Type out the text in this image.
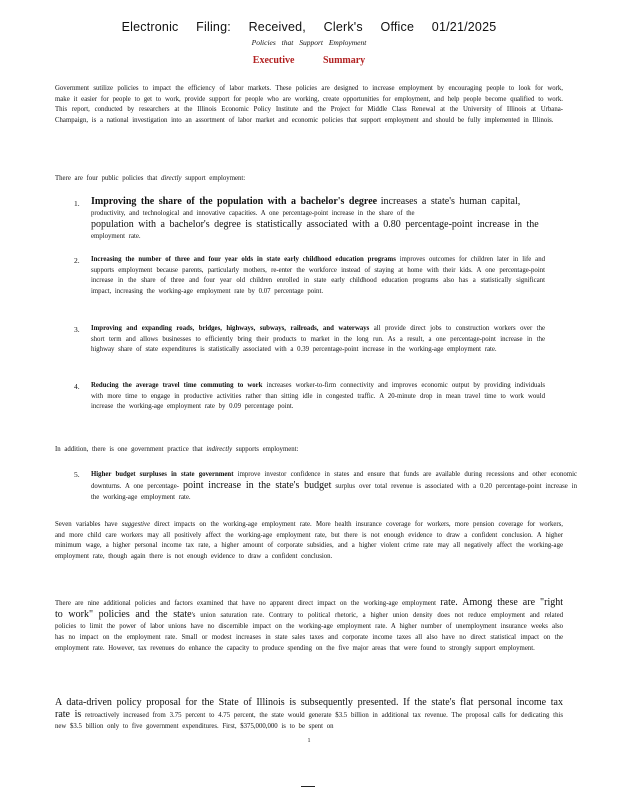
Electronic Filing: Received, Clerk's Office 01/21/2025
Policies that Support Employment
Executive Summary
Government sutilize policies to impact the efficiency of labor markets. These policies are designed to increase employment by encouraging people to look for work, make it easier for people to get to work, provide support for people who are working, create opportunities for employment, and help people become qualified to work. This report, conducted by researchers at the Illinois Economic Policy Institute and the Project for Middle Class Renewal at the University of Illinois at Urbana-Champaign, is a national investigation into an assortment of labor market and economic policies that support employment and should be fully implemented in Illinois.
There are four public policies that directly support employment:
1. Improving the share of the population with a bachelor's degree increases a state's human capital,
productivity, and technological and innovative capacities. A one percentage-point increase in the share of the
population with a bachelor's degree is statistically associated with a 0.80 percentage-point increase in the
employment rate.
2. Increasing the number of three and four year olds in state early childhood education programs improves outcomes for children later in life and supports employment because parents, particularly mothers, re-enter the workforce instead of staying at home with their kids. A one percentage-point increase in the share of three and four year old children enrolled in state early childhood education programs also has a statistically significant impact, increasing the working-age employment rate by 0.07 percentage point.
3. Improving and expanding roads, bridges, highways, subways, railroads, and waterways all provide direct jobs to construction workers over the short term and allows businesses to efficiently bring their products to market in the long run. As a result, a one percentage-point increase in the highway share of state expenditures is statistically associated with a 0.39 percentage-point increase in the working-age employment rate.
4. Reducing the average travel time commuting to work increases worker-to-firm connectivity and improves economic output by providing individuals with more time to engage in productive activities rather than sitting idle in congested traffic. A 20-minute drop in mean travel time to work would increase the working-age employment rate by 0.09 percentage point.
In addition, there is one government practice that indirectly supports employment:
5. Higher budget surpluses in state government improve investor confidence in states and ensure that funds are available during recessions and other economic downturns. A one percentage- point increase in the state's budget surplus over total revenue is associated with a 0.20 percentage-point increase in the working-age employment rate.
Seven variables have suggestive direct impacts on the working-age employment rate. More health insurance coverage for workers, more pension coverage for workers, and more child care workers may all positively affect the working-age employment rate, but there is not enough evidence to draw a confident conclusion. A higher minimum wage, a higher personal income tax rate, a higher amount of corporate subsidies, and a higher violent crime rate may all negatively affect the working-age employment rate, though again there is not enough evidence to draw a confident conclusion.
There are nine additional policies and factors examined that have no apparent direct impact on the working-age employment rate. Among these are "right to work" policies and the state's union saturation rate. Contrary to political rhetoric, a higher union density does not reduce employment and related policies to limit the power of labor unions have no discernible impact on the working-age employment rate. A higher number of unemployment insurance weeks also has no impact on the employment rate. Small or modest increases in state sales taxes and corporate income taxes all also have no direct statistical impact on the employment rate. However, tax revenues do enhance the capacity to produce spending on the five major areas that were found to strongly support employment.
A data-driven policy proposal for the State of Illinois is subsequently presented. If the state's flat personal income tax rate is retroactively increased from 3.75 percent to 4.75 percent, the state would generate $3.5 billion in additional tax revenue. The proposal calls for dedicating this new $3.5 billion only to five government expenditures. First, $375,000,000 is to be spent on
1
